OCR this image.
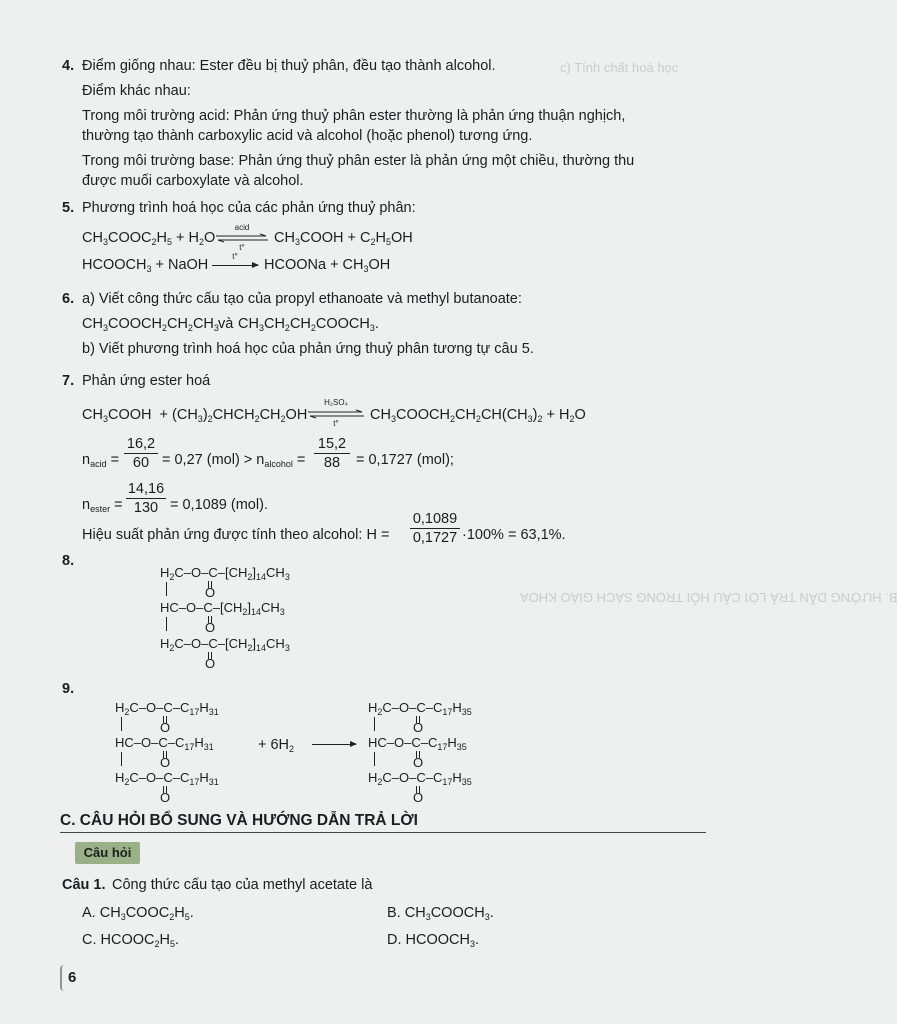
c) Tính chất hoá học
B. HƯỚNG DẪN TRẢ LỜI CÂU HỎI TRONG SÁCH GIÁO KHOA
4. Điểm giống nhau: Ester đều bị thuỷ phân, đều tạo thành alcohol.
Điểm khác nhau:
Trong môi trường acid: Phản ứng thuỷ phân ester thường là phản ứng thuận nghịch,
thường tạo thành carboxylic acid và alcohol (hoặc phenol) tương ứng.
Trong môi trường base: Phản ứng thuỷ phân ester là phản ứng một chiều, thường thu
được muối carboxylate và alcohol.
5. Phương trình hoá học của các phản ứng thuỷ phân:
$CH_3COOC_2H_5 + H_2O$
acid
t°
$CH_3COOH + C_2H_5OH$
$HCOOCH_3$ + NaOH
t°
HCOONa + $CH_3OH$
6. a) Viết công thức cấu tạo của propyl ethanoate và methyl butanoate:
$CH_3COOCH_2CH_2CH_3$ và $CH_3CH_2CH_2COOCH_3$.
b) Viết phương trình hoá học của phản ứng thuỷ phân tương tự câu 5.
7. Phản ứng ester hoá
$CH_3COOH$  + $(CH_3)_2CHCH_2CH_2OH$
H₂SO₄
t°
$CH_3COOCH_2CH_2CH(CH_3)_2 + H_2O$
$n_{acid}$ =
16,2
60 = 0,27 $(mol) > n_{alcohol}$ =
15,2
88	= 0,1727 (mol);
$n_{ester}$ =
14,16
130 = 0,1089 (mol).
Hiệu suất phản ứng được tính theo alcohol: H =
0,1089
0,1727 ·100% = 63,1%.
8.
$H_2C-O-C-[CH_2]_{14}CH_3$
O
$HC-O-C-[CH_2]_{14}CH_3$
O
$H_2C-O-C-[CH_2]_{14}CH_3$
O
9.
$H_2C-O-C-C_{17}H_{31}$
O
$HC-O-C-C_{17}H_{31}$
O
$H_2C-O-C-C_{17}H_{31}$
O
+ $6H_2$
$H_2C-O-C-C_{17}H_{35}$
O
$HC-O-C-C_{17}H_{35}$
O
$H_2C-O-C-C_{17}H_{35}$
O
C. CÂU HỎI BỔ SUNG VÀ HƯỚNG DẪN TRẢ LỜI
Câu hỏi
Câu 1. Công thức cấu tạo của methyl acetate là
A. $CH_3COOC_2H_5$.	B. $CH_3COOCH_3$.
C. $HCOOC_2H_5$.	D. $HCOOCH_3$.
6
